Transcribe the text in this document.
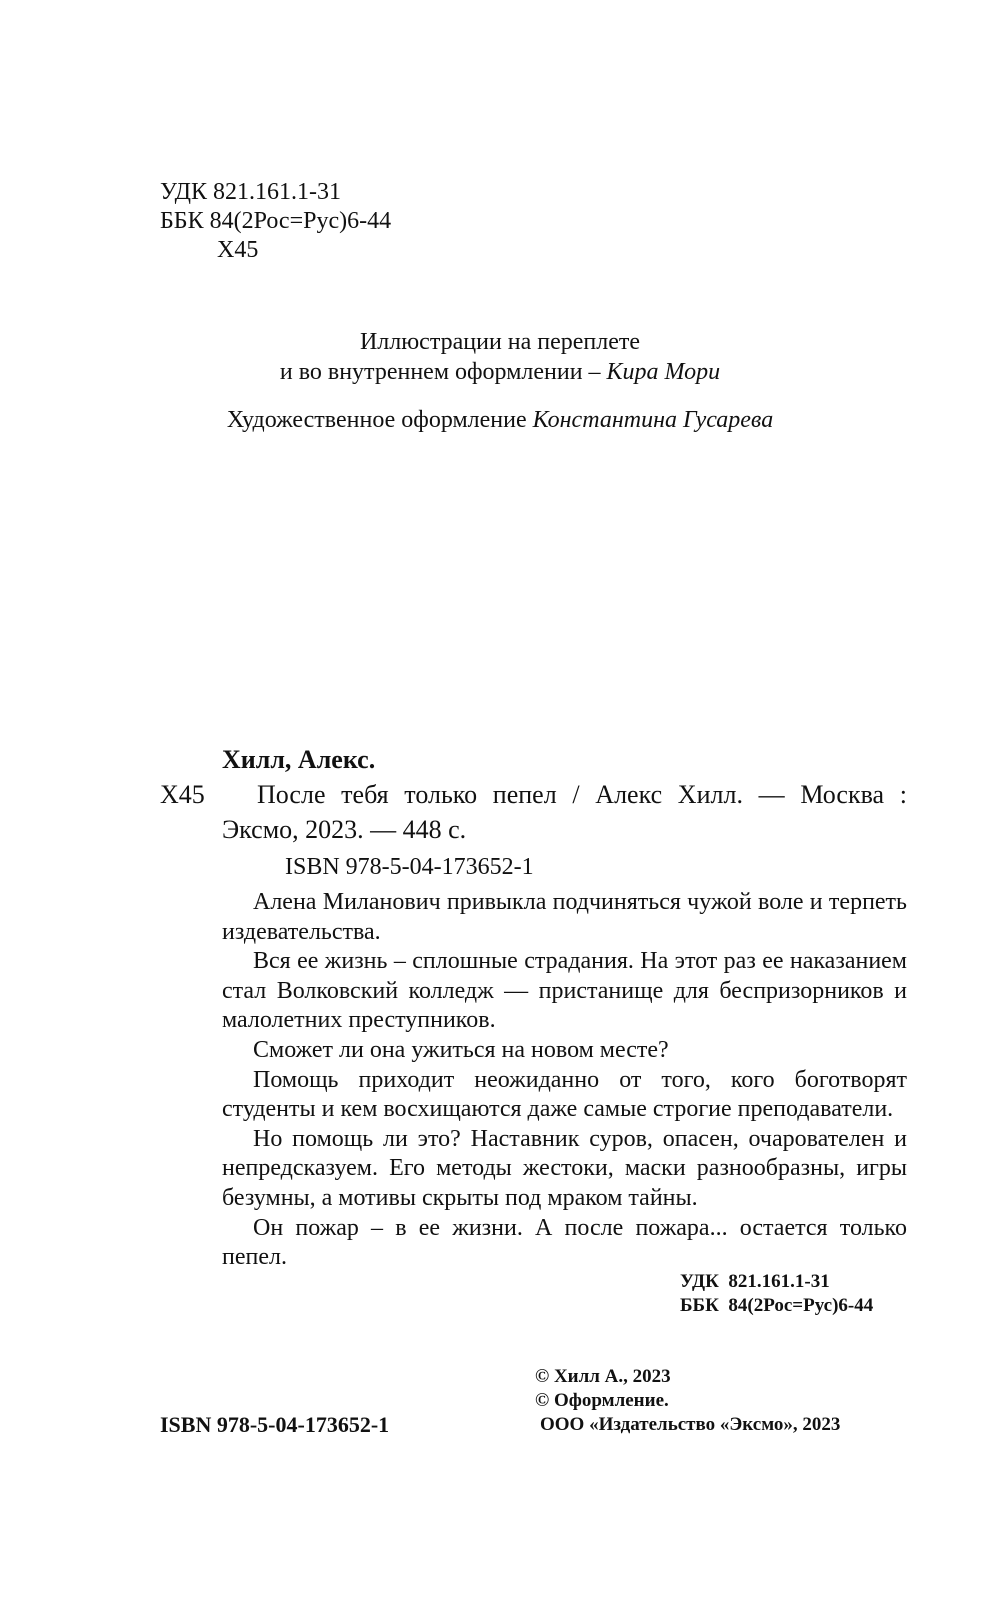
УДК 821.161.1-31
ББК 84(2Рос=Рус)6-44
Х45
Иллюстрации на переплете
и во внутреннем оформлении – Кира Мори
Художественное оформление Константина Гусарева
Хилл, Алекс.
Х45 После тебя только пепел / Алекс Хилл. — Москва :
Эксмо, 2023. — 448 с.
ISBN 978-5-04-173652-1

Алена Миланович привыкла подчиняться чужой воле и терпеть издевательства.

Вся ее жизнь – сплошные страдания. На этот раз ее наказанием стал Волковский колледж — пристанище для беспризорников и малолетних преступников.

Сможет ли она ужиться на новом месте?

Помощь приходит неожиданно от того, кого боготворят студенты и кем восхищаются даже самые строгие преподаватели.

Но помощь ли это? Наставник суров, опасен, очарователен и непредсказуем. Его методы жестоки, маски разнообразны, игры безумны, а мотивы скрыты под мраком тайны.

Он пожар – в ее жизни. А после пожара... остается только пепел.

УДК  821.161.1-31
ББК  84(2Рос=Рус)6-44
© Хилл А., 2023
© Оформление.
ООО «Издательство «Эксмо», 2023
ISBN 978-5-04-173652-1
